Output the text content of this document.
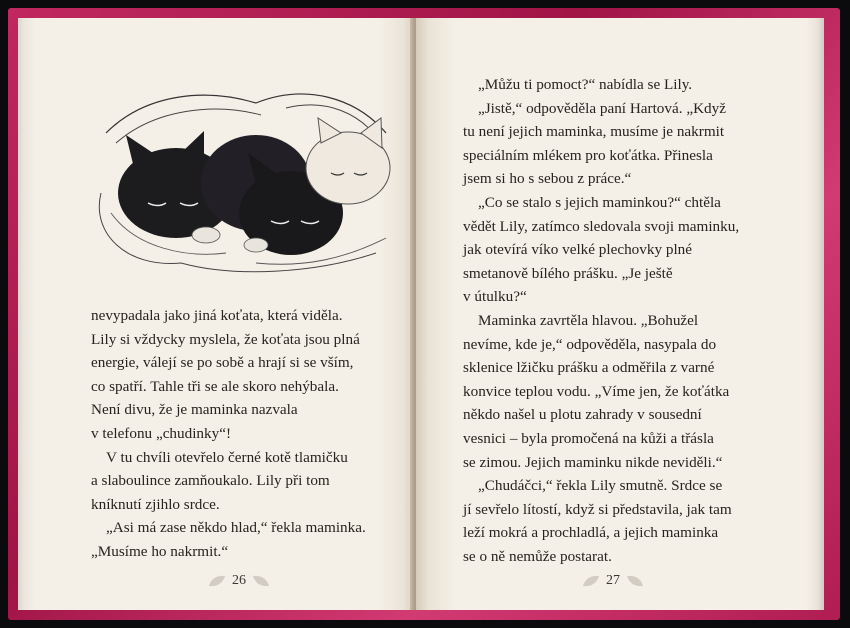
nevypadala jako jiná koťata, která viděla.

Lily si vždycky myslela, že koťata jsou plná

energie, válejí se po sobě a hrají si se vším,

co spatří. Tahle tři se ale skoro nehýbala.

Není divu, že je maminka nazvala

v telefonu „chudinky“!

V tu chvíli otevřelo černé kotě tlamičku

a slaboulince zamňoukalo. Lily při tom

kníknutí zjihlo srdce.

„Asi má zase někdo hlad,“ řekla maminka.

„Musíme ho nakrmit.“

26

„Můžu ti pomoct?“ nabídla se Lily.

„Jistě,“ odpověděla paní Hartová. „Když

tu není jejich maminka, musíme je nakrmit

speciálním mlékem pro koťátka. Přinesla

jsem si ho s sebou z práce.“

„Co se stalo s jejich maminkou?“ chtěla

vědět Lily, zatímco sledovala svoji maminku,

jak otevírá víko velké plechovky plné

smetanově bílého prášku. „Je ještě

v útulku?“

Maminka zavrtěla hlavou. „Bohužel

nevíme, kde je,“ odpověděla, nasypala do

sklenice lžičku prášku a odměřila z varné

konvice teplou vodu. „Víme jen, že koťátka

někdo našel u plotu zahrady v sousední

vesnici – byla promočená na kůži a třásla

se zimou. Jejich maminku nikde neviděli.“

„Chudáčci,“ řekla Lily smutně. Srdce se

jí sevřelo lítostí, když si představila, jak tam

leží mokrá a prochladlá, a jejich maminka

se o ně nemůže postarat.

27
